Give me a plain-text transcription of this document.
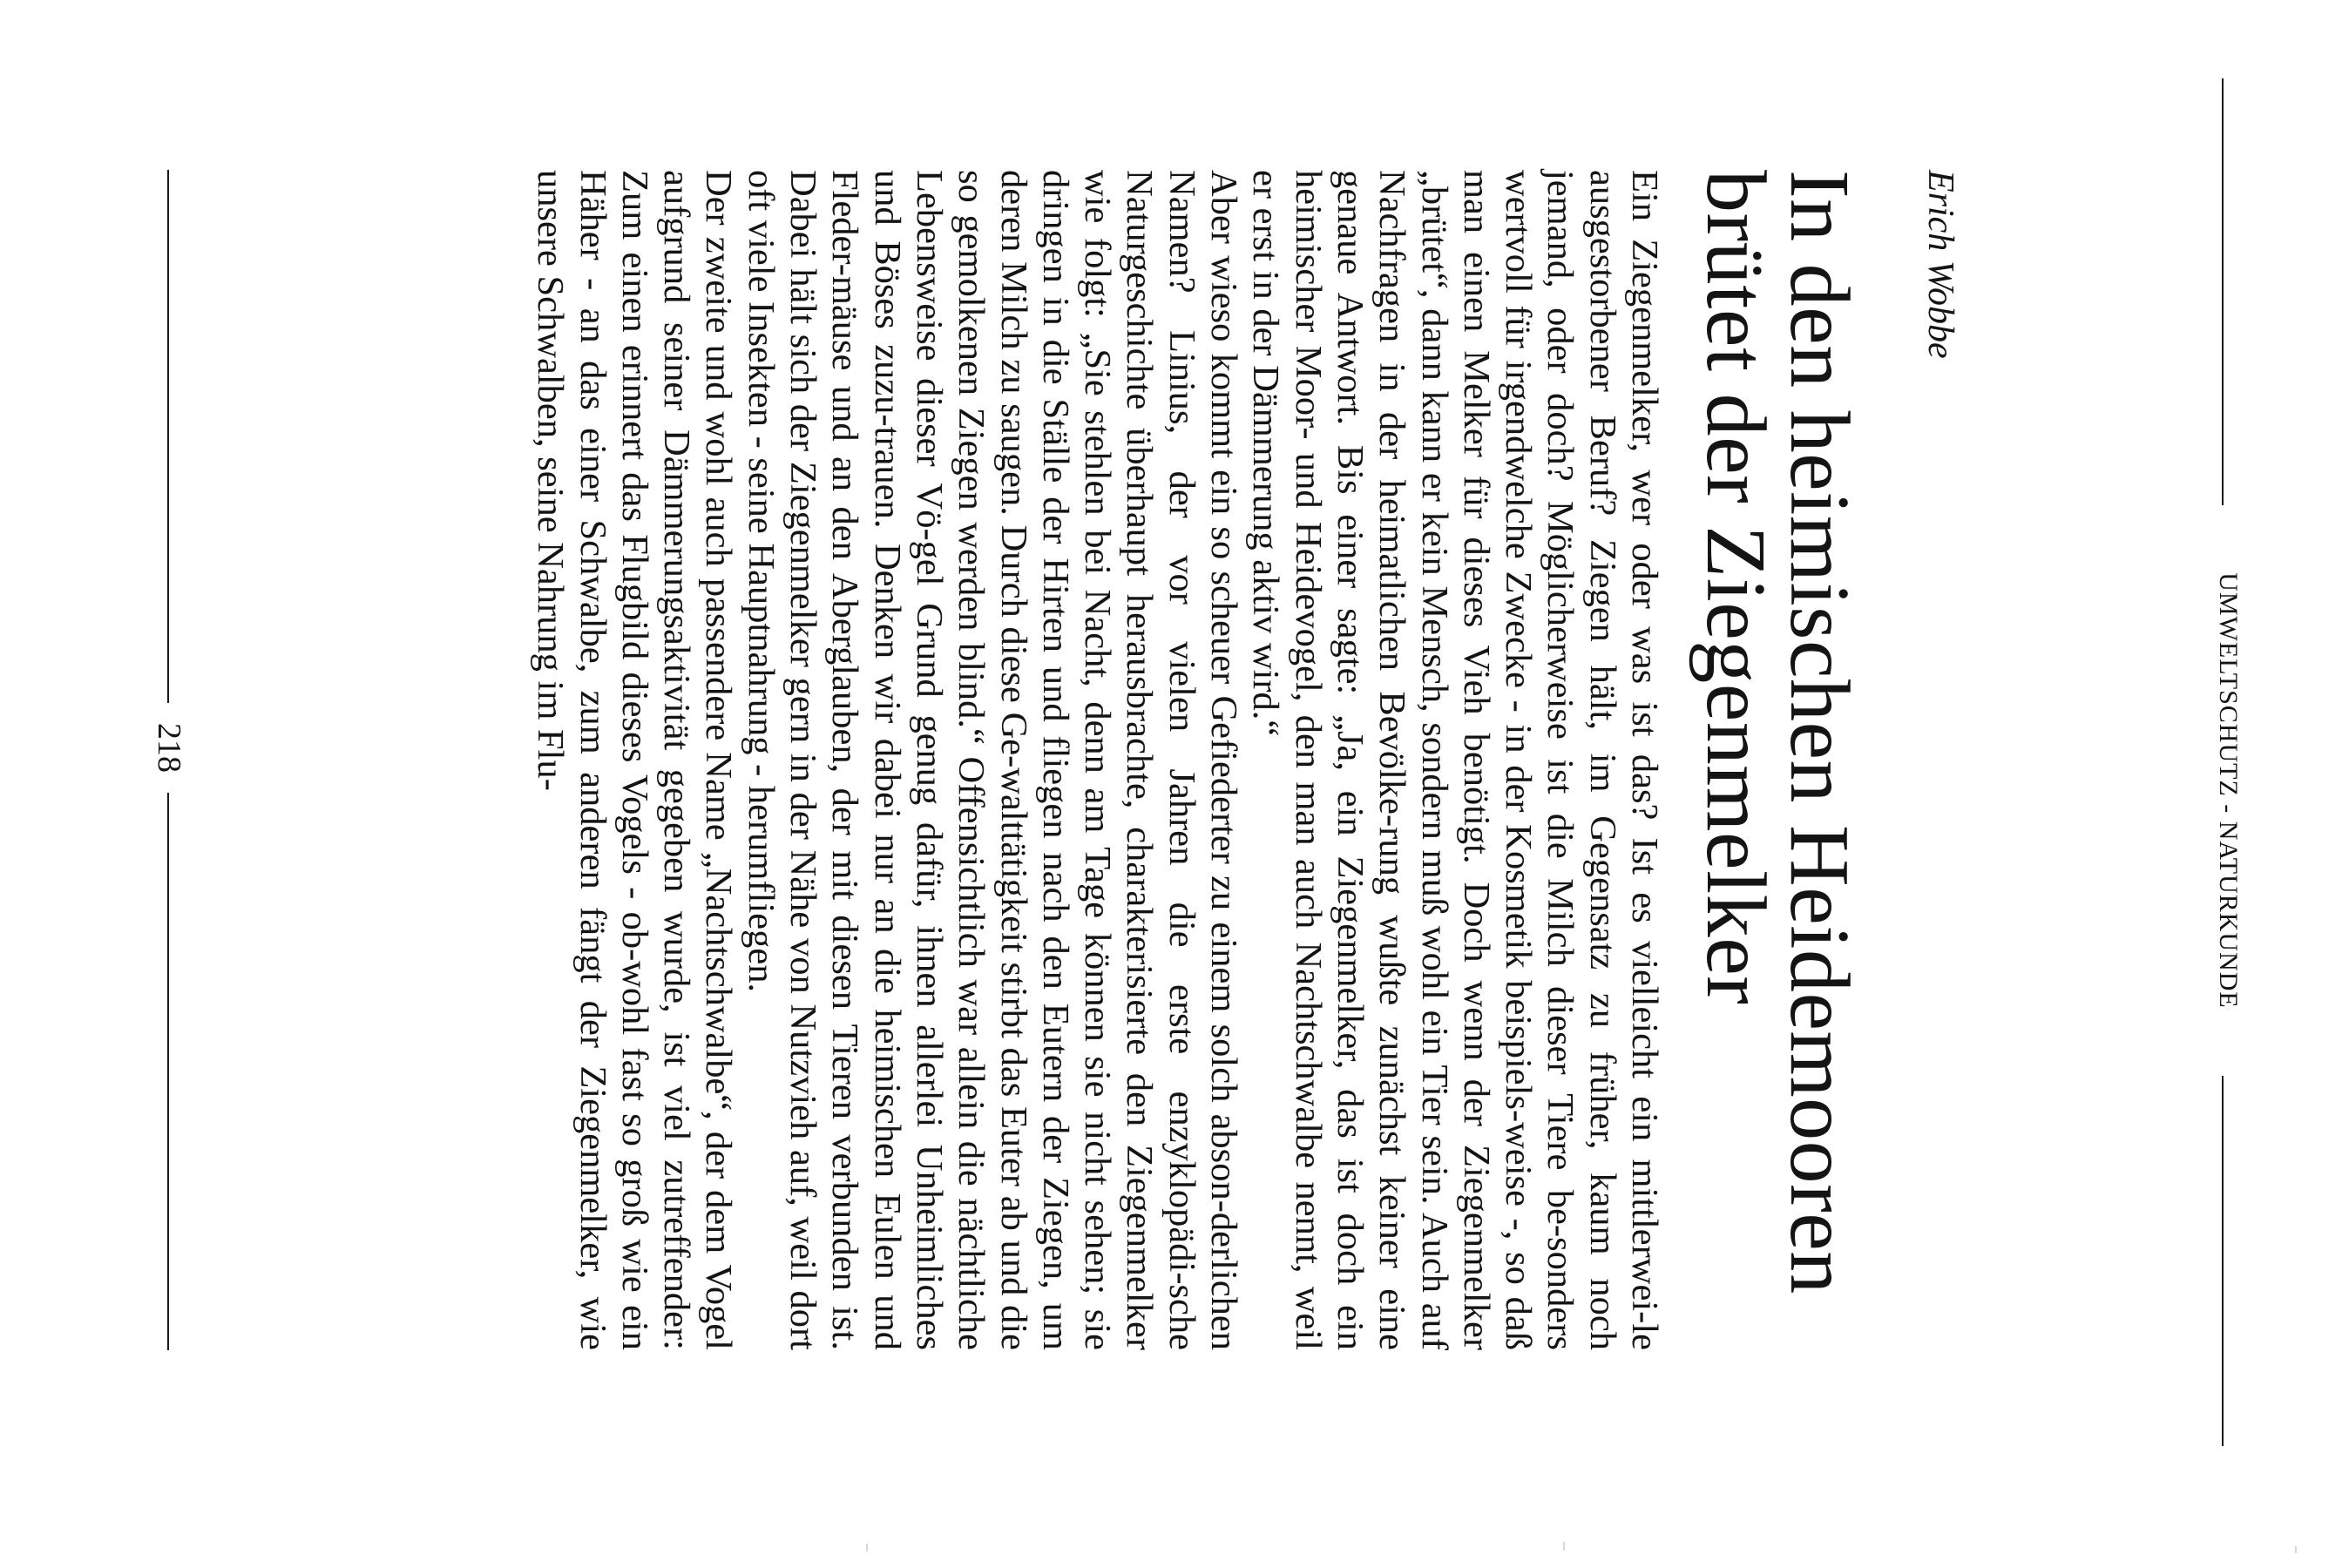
UMWELTSCHUTZ - NATURKUNDE
Erich Wobbe
In den heimischen Heidemooren brütet der Ziegenmelker

Ein Ziegenmelker, wer oder was ist das? Ist es vielleicht ein mittlerwei-le ausgestorbener Beruf? Ziegen hält, im Gegensatz zu früher, kaum noch jemand, oder doch? Möglicherweise ist die Milch dieser Tiere be-sonders wertvoll für irgendwelche Zwecke - in der Kosmetik beispiels-weise -, so daß man einen Melker für dieses Vieh benötigt. Doch wenn der Ziegenmelker „brütet“, dann kann er kein Mensch, sondern muß wohl ein Tier sein. Auch auf Nachfragen in der heimatlichen Bevölke-rung wußte zunächst keiner eine genaue Antwort. Bis einer sagte: „Ja, ein Ziegenmelker, das ist doch ein heimischer Moor- und Heidevogel, den man auch Nachtschwalbe nennt, weil er erst in der Dämmerung aktiv wird.“

Aber wieso kommt ein so scheuer Gefiederter zu einem solch abson-derlichen Namen? Linius, der vor vielen Jahren die erste enzyklopädi-sche Naturgeschichte überhaupt herausbrachte, charakterisierte den Ziegenmelker wie folgt: „Sie stehlen bei Nacht, denn am Tage können sie nicht sehen; sie dringen in die Ställe der Hirten und fliegen nach den Eutern der Ziegen, um deren Milch zu saugen. Durch diese Ge-walttätigkeit stirbt das Euter ab und die so gemolkenen Ziegen werden blind.“ Offensichtlich war allein die nächtliche Lebensweise dieser Vö-gel Grund genug dafür, ihnen allerlei Unheimliches und Böses zuzu-trauen. Denken wir dabei nur an die heimischen Eulen und Fleder-mäuse und an den Aberglauben, der mit diesen Tieren verbunden ist. Dabei hält sich der Ziegenmelker gern in der Nähe von Nutzvieh auf, weil dort oft viele Insekten - seine Hauptnahrung - herumfliegen.

Der zweite und wohl auch passendere Name „Nachtschwalbe“, der dem Vogel aufgrund seiner Dämmerungsaktivität gegeben wurde, ist viel zutreffender: Zum einen erinnert das Flugbild dieses Vogels - ob-wohl fast so groß wie ein Häher - an das einer Schwalbe, zum anderen fängt der Ziegenmelker, wie unsere Schwalben, seine Nahrung im Flu-

218
